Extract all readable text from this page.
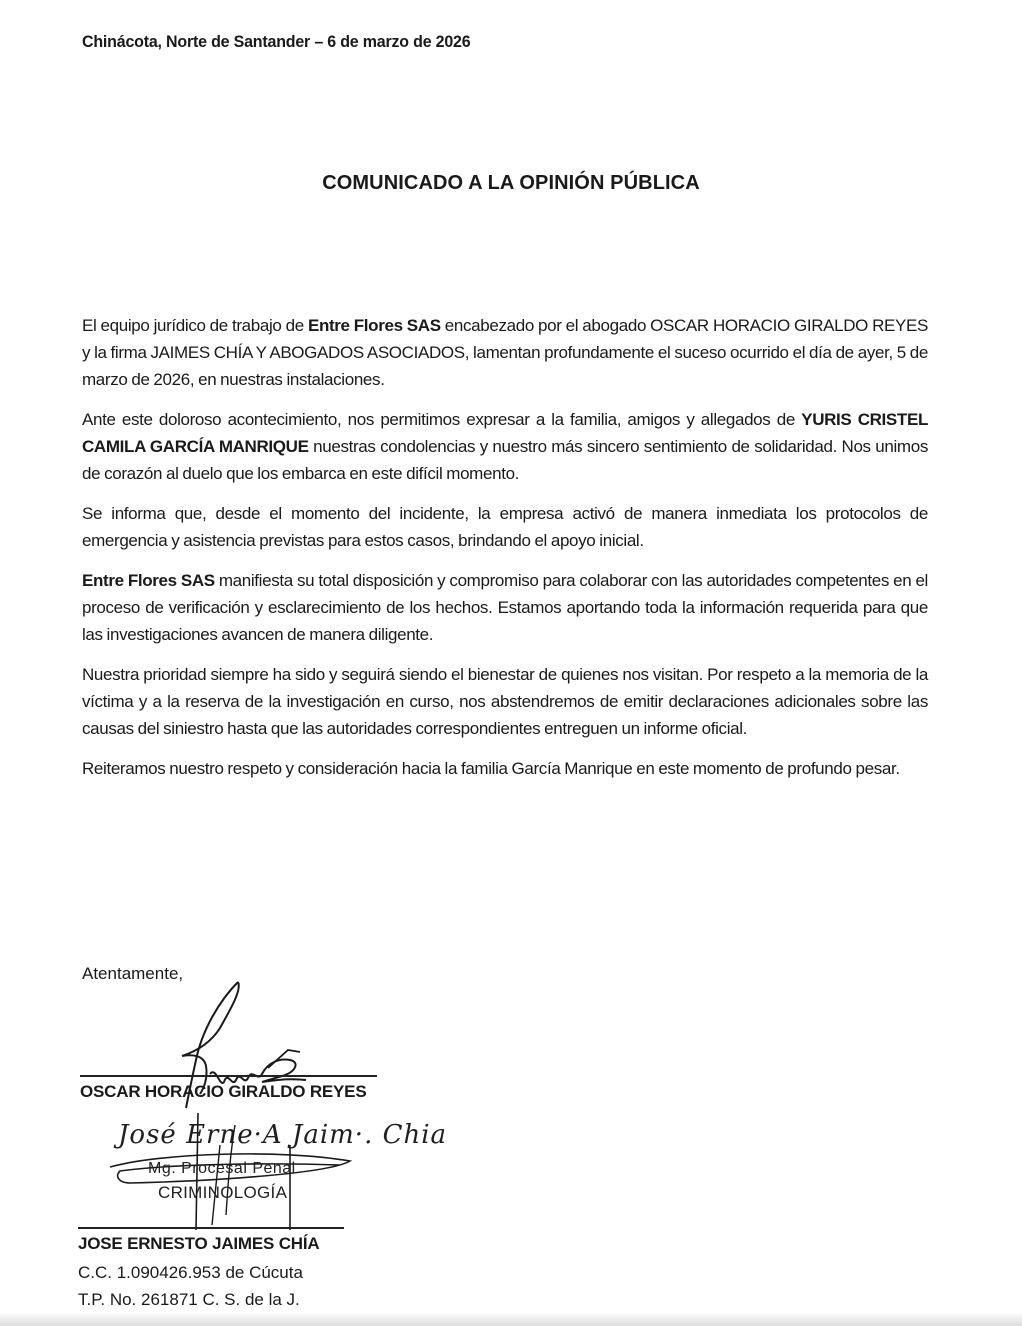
Chinácota, Norte de Santander – 6 de marzo de 2026
COMUNICADO A LA OPINIÓN PÚBLICA

El equipo jurídico de trabajo de Entre Flores SAS encabezado por el abogado OSCAR HORACIO GIRALDO REYES y la firma JAIMES CHÍA Y ABOGADOS ASOCIADOS, lamentan profundamente el suceso ocurrido el día de ayer, 5 de marzo de 2026, en nuestras instalaciones.

Ante este doloroso acontecimiento, nos permitimos expresar a la familia, amigos y allegados de YURIS CRISTEL CAMILA GARCÍA MANRIQUE nuestras condolencias y nuestro más sincero sentimiento de solidaridad. Nos unimos de corazón al duelo que los embarca en este difícil momento.

Se informa que, desde el momento del incidente, la empresa activó de manera inmediata los protocolos de emergencia y asistencia previstas para estos casos, brindando el apoyo inicial.

Entre Flores SAS manifiesta su total disposición y compromiso para colaborar con las autoridades competentes en el proceso de verificación y esclarecimiento de los hechos. Estamos aportando toda la información requerida para que las investigaciones avancen de manera diligente.

Nuestra prioridad siempre ha sido y seguirá siendo el bienestar de quienes nos visitan. Por respeto a la memoria de la víctima y a la reserva de la investigación en curso, nos abstendremos de emitir declaraciones adicionales sobre las causas del siniestro hasta que las autoridades correspondientes entreguen un informe oficial.

Reiteramos nuestro respeto y consideración hacia la familia García Manrique en este momento de profundo pesar.

Atentamente,
OSCAR HORACIO GIRALDO REYES
José Erne·A Jaim·. Chia
Mg. Procesal Penal
CRIMINOLOGÍA
JOSE ERNESTO JAIMES CHÍA
C.C. 1.090426.953 de Cúcuta
T.P. No. 261871 C. S. de la J.
